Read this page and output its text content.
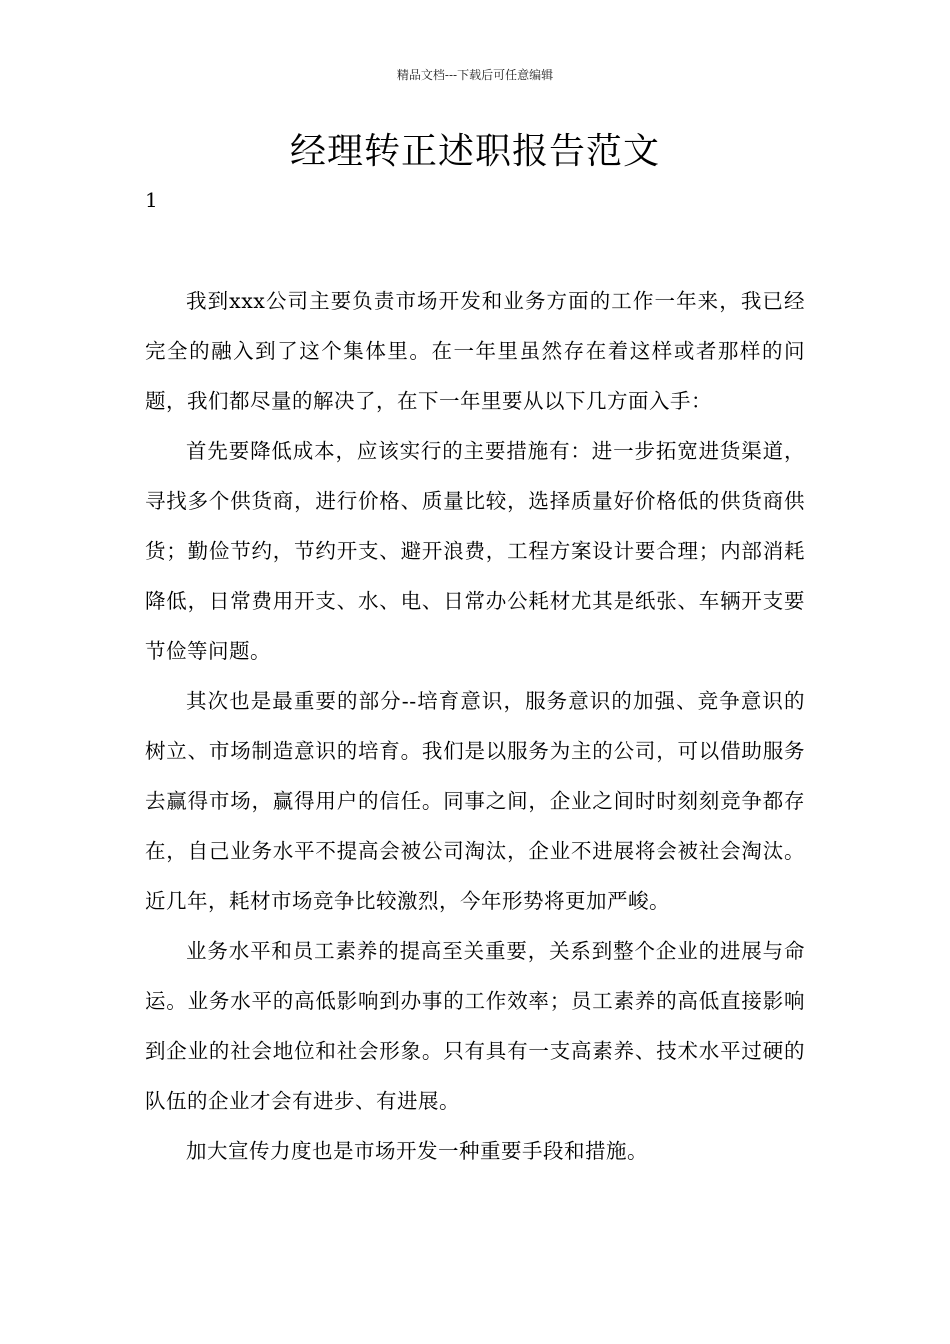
精品文档---下载后可任意编辑
经理转正述职报告范文
1

我到xxx公司主要负责市场开发和业务方面的工作一年来，我已经完全的融入到了这个集体里。在一年里虽然存在着这样或者那样的问题，我们都尽量的解决了，在下一年里要从以下几方面入手：

首先要降低成本，应该实行的主要措施有：进一步拓宽进货渠道，寻找多个供货商，进行价格、质量比较，选择质量好价格低的供货商供货；勤俭节约，节约开支、避开浪费，工程方案设计要合理；内部消耗降低，日常费用开支、水、电、日常办公耗材尤其是纸张、车辆开支要节俭等问题。

其次也是最重要的部分--培育意识，服务意识的加强、竞争意识的树立、市场制造意识的培育。我们是以服务为主的公司，可以借助服务去赢得市场，赢得用户的信任。同事之间，企业之间时时刻刻竞争都存在，自己业务水平不提高会被公司淘汰，企业不进展将会被社会淘汰。近几年，耗材市场竞争比较激烈，今年形势将更加严峻。

业务水平和员工素养的提高至关重要，关系到整个企业的进展与命运。业务水平的高低影响到办事的工作效率；员工素养的高低直接影响到企业的社会地位和社会形象。只有具有一支高素养、技术水平过硬的队伍的企业才会有进步、有进展。

加大宣传力度也是市场开发一种重要手段和措施。
